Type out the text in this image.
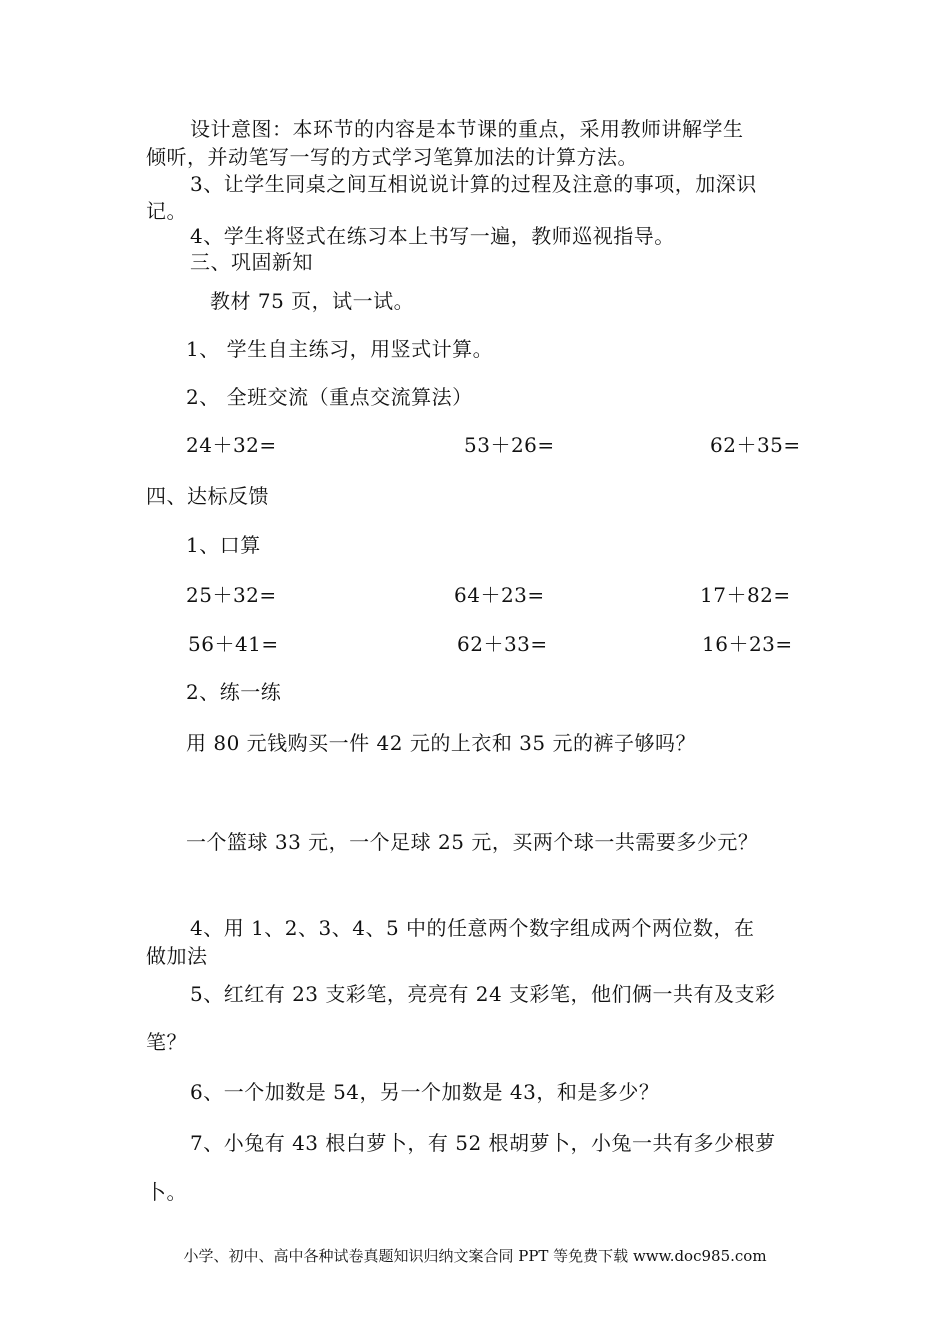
设计意图：本环节的内容是本节课的重点，采用教师讲解学生
倾听，并动笔写一写的方式学习笔算加法的计算方法。
3、让学生同桌之间互相说说计算的过程及注意的事项，加深识
记。
4、学生将竖式在练习本上书写一遍，教师巡视指导。
三、巩固新知
教材 75 页，试一试。
1、 学生自主练习，用竖式计算。
2、 全班交流（重点交流算法）
24＋32=	53＋26=	62＋35=
四、达标反馈
1、口算
25＋32=	64＋23=	17＋82=
56＋41=	62＋33=	16＋23=
2、练一练
用 80 元钱购买一件 42 元的上衣和 35 元的裤子够吗？
一个篮球 33 元，一个足球 25 元，买两个球一共需要多少元？
4、用 1、2、3、4、5 中的任意两个数字组成两个两位数，在
做加法
5、红红有 23 支彩笔，亮亮有 24 支彩笔，他们俩一共有及支彩
笔？
6、一个加数是 54，另一个加数是 43，和是多少？
7、小兔有 43 根白萝卜，有 52 根胡萝卜，小兔一共有多少根萝
卜。
小学、初中、高中各种试卷真题知识归纳文案合同 PPT 等免费下载 www.doc985.com
